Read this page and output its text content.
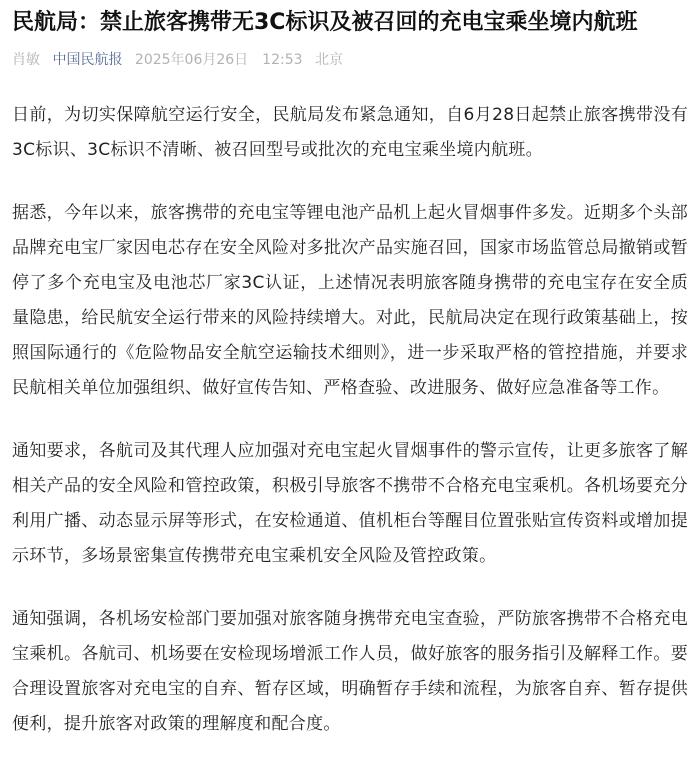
民航局：禁止旅客携带无3C标识及被召回的充电宝乘坐境内航班
肖敏 中国民航报 2025年06月26日 12:53 北京

日前，为切实保障航空运行安全，民航局发布紧急通知，自6月28日起禁止旅客携带没有3C标识、3C标识不清晰、被召回型号或批次的充电宝乘坐境内航班。

据悉，今年以来，旅客携带的充电宝等锂电池产品机上起火冒烟事件多发。近期多个头部品牌充电宝厂家因电芯存在安全风险对多批次产品实施召回，国家市场监管总局撤销或暂停了多个充电宝及电池芯厂家3C认证，上述情况表明旅客随身携带的充电宝存在安全质量隐患，给民航安全运行带来的风险持续增大。对此，民航局决定在现行政策基础上，按照国际通行的《危险物品安全航空运输技术细则》，进一步采取严格的管控措施，并要求民航相关单位加强组织、做好宣传告知、严格查验、改进服务、做好应急准备等工作。

通知要求，各航司及其代理人应加强对充电宝起火冒烟事件的警示宣传，让更多旅客了解相关产品的安全风险和管控政策，积极引导旅客不携带不合格充电宝乘机。各机场要充分利用广播、动态显示屏等形式，在安检通道、值机柜台等醒目位置张贴宣传资料或增加提示环节，多场景密集宣传携带充电宝乘机安全风险及管控政策。

通知强调，各机场安检部门要加强对旅客随身携带充电宝查验，严防旅客携带不合格充电宝乘机。各航司、机场要在安检现场增派工作人员，做好旅客的服务指引及解释工作。要合理设置旅客对充电宝的自弃、暂存区域，明确暂存手续和流程，为旅客自弃、暂存提供便利，提升旅客对政策的理解度和配合度。
